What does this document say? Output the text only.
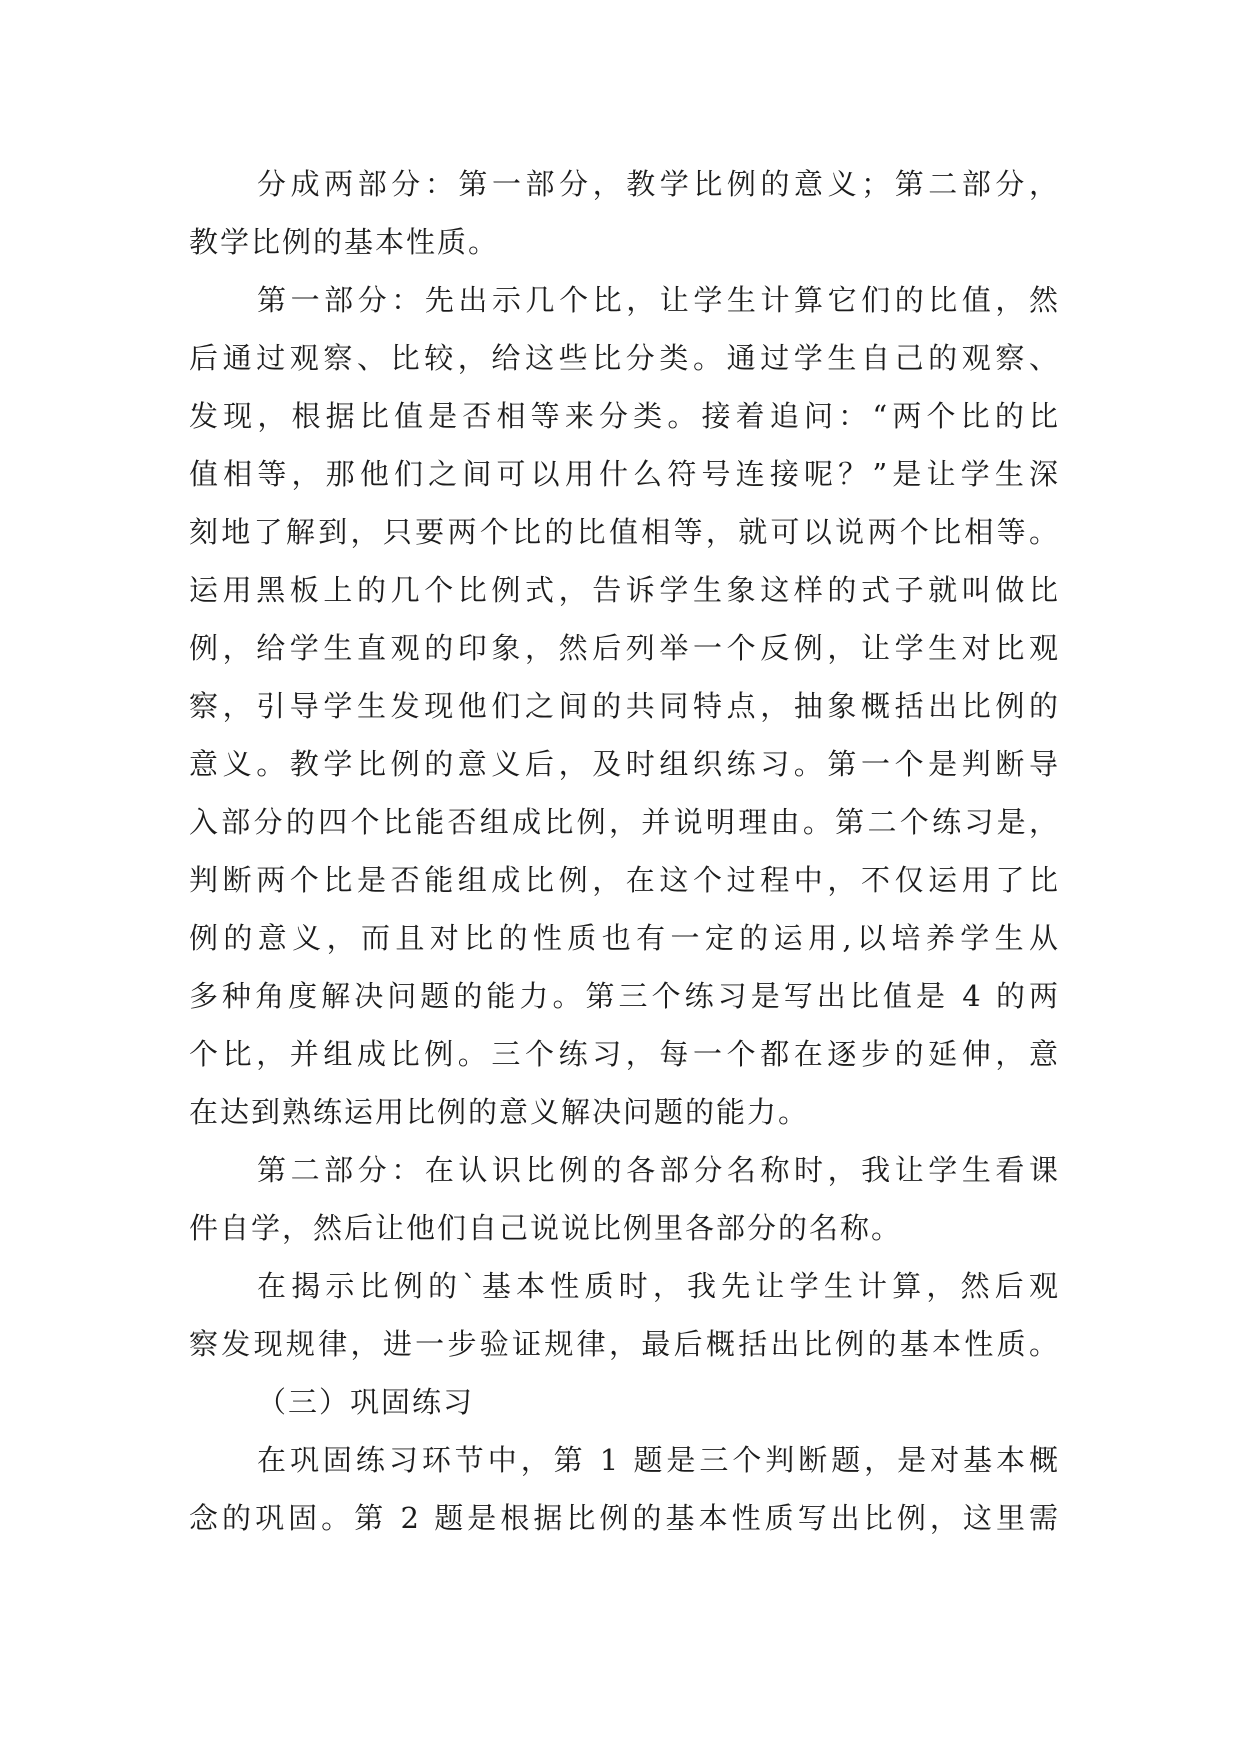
分成两部分：第一部分，教学比例的意义；第二部分，
教学比例的基本性质。
第一部分：先出示几个比，让学生计算它们的比值，然
后通过观察、比较，给这些比分类。通过学生自己的观察、
发现，根据比值是否相等来分类。接着追问：“两个比的比
值相等，那他们之间可以用什么符号连接呢？”是让学生深
刻地了解到，只要两个比的比值相等，就可以说两个比相等。
运用黑板上的几个比例式，告诉学生象这样的式子就叫做比
例，给学生直观的印象，然后列举一个反例，让学生对比观
察，引导学生发现他们之间的共同特点，抽象概括出比例的
意义。教学比例的意义后，及时组织练习。第一个是判断导
入部分的四个比能否组成比例，并说明理由。第二个练习是，
判断两个比是否能组成比例，在这个过程中，不仅运用了比
例的意义，而且对比的性质也有一定的运用,以培养学生从
多种角度解决问题的能力。第三个练习是写出比值是 4 的两
个比，并组成比例。三个练习，每一个都在逐步的延伸，意
在达到熟练运用比例的意义解决问题的能力。
第二部分：在认识比例的各部分名称时，我让学生看课
件自学，然后让他们自己说说比例里各部分的名称。
在揭示比例的`基本性质时，我先让学生计算，然后观
察发现规律，进一步验证规律，最后概括出比例的基本性质。
（三）巩固练习
在巩固练习环节中，第 1 题是三个判断题，是对基本概
念的巩固。第 2 题是根据比例的基本性质写出比例，这里需
